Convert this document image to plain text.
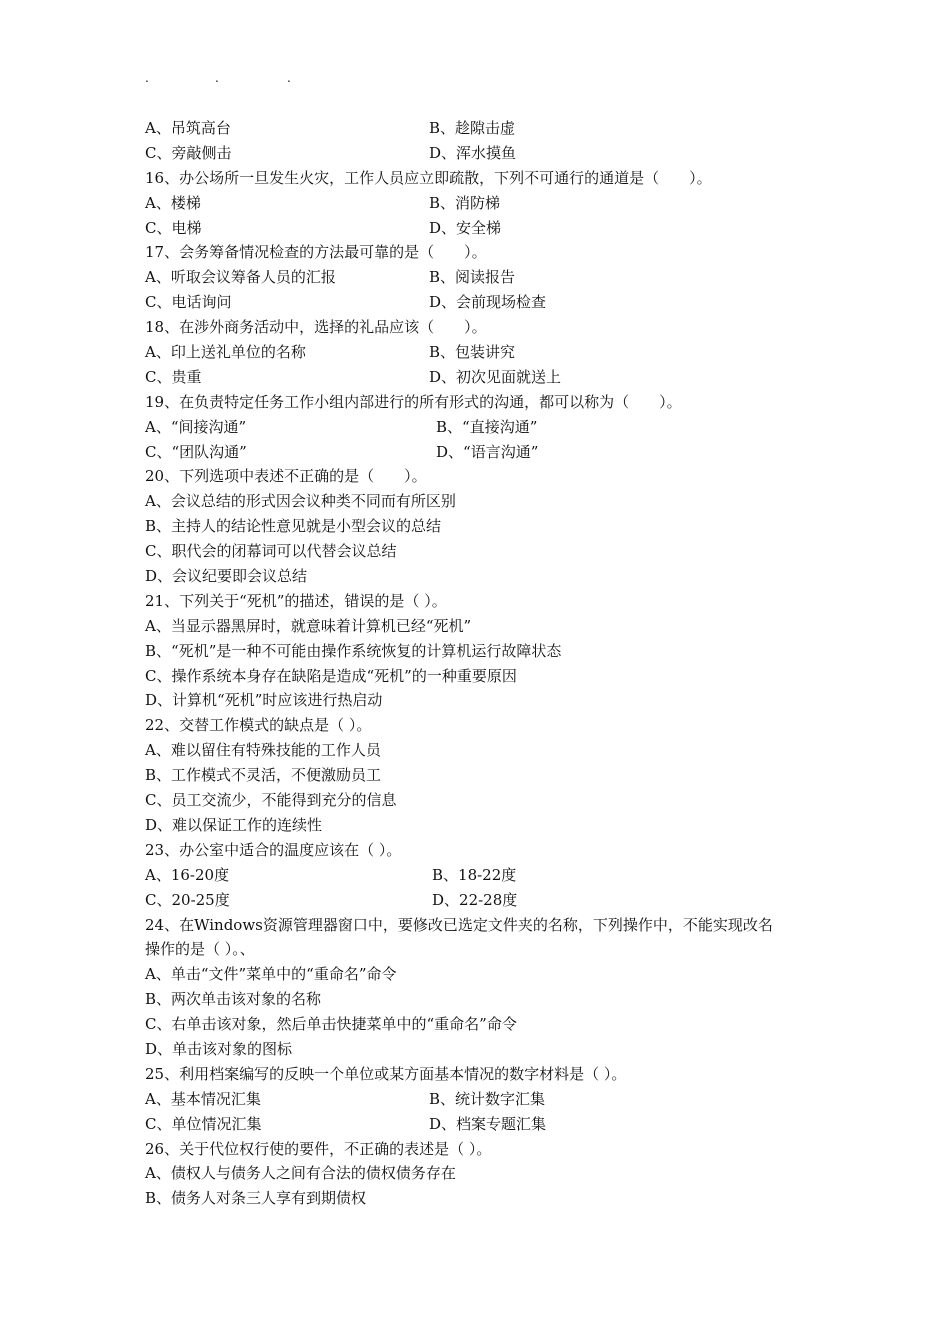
.	.	.
A、吊筑高台	B、趁隙击虚
C、旁敲侧击	D、浑水摸鱼
16、办公场所一旦发生火灾，工作人员应立即疏散，下列不可通行的通道是（　　）。
A、楼梯	B、消防梯
C、电梯	D、安全梯
17、会务筹备情况检查的方法最可靠的是（　　）。
A、听取会议筹备人员的汇报	B、阅读报告
C、电话询问	D、会前现场检查
18、在涉外商务活动中，选择的礼品应该（　　）。
A、印上送礼单位的名称	B、包装讲究
C、贵重	D、初次见面就送上
19、在负责特定任务工作小组内部进行的所有形式的沟通，都可以称为（　　）。
A、“间接沟通”	B、“直接沟通”
C、“团队沟通”	D、“语言沟通”
20、下列选项中表述不正确的是（　　）。
A、会议总结的形式因会议种类不同而有所区别
B、主持人的结论性意见就是小型会议的总结
C、职代会的闭幕词可以代替会议总结
D、会议纪要即会议总结
21、下列关于“死机”的描述，错误的是（ ）。
A、当显示器黑屏时，就意味着计算机已经“死机”
B、“死机”是一种不可能由操作系统恢复的计算机运行故障状态
C、操作系统本身存在缺陷是造成“死机”的一种重要原因
D、计算机“死机”时应该进行热启动
22、交替工作模式的缺点是（ ）。
A、难以留住有特殊技能的工作人员
B、工作模式不灵活，不便激励员工
C、员工交流少，不能得到充分的信息
D、难以保证工作的连续性
23、办公室中适合的温度应该在（ ）。
A、16-20度	B、18-22度
C、20-25度	D、22-28度
24、在Windows资源管理器窗口中，要修改已选定文件夹的名称，下列操作中，不能实现改名
操作的是（ ）。、
A、单击“文件”菜单中的“重命名”命令
B、两次单击该对象的名称
C、右单击该对象，然后单击快捷菜单中的“重命名”命令
D、单击该对象的图标
25、利用档案编写的反映一个单位或某方面基本情况的数字材料是（ ）。
A、基本情况汇集	B、统计数字汇集
C、单位情况汇集	D、档案专题汇集
26、关于代位权行使的要件，不正确的表述是（ ）。
A、债权人与债务人之间有合法的债权债务存在
B、债务人对条三人享有到期债权
